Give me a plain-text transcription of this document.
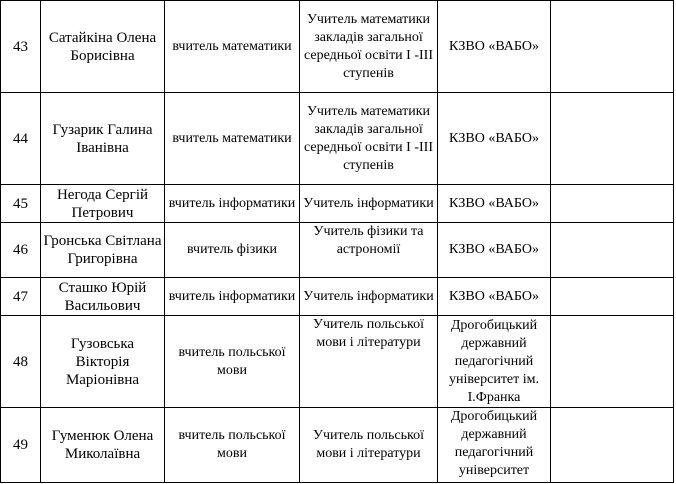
43	Сатайкіна Олена Борисівна	вчитель математики	Учитель математики закладів загальної середньої освіти І -ІІІ ступенів	КЗВО «ВАБО»	
44	Гузарик Галина Іванівна	вчитель математики	Учитель математики закладів загальної середньої освіти І -ІІІ ступенів	КЗВО «ВАБО»	
45	Негода Сергій Петрович	вчитель інформатики	Учитель інформатики	КЗВО «ВАБО»	
46	Гронська Світлана Григорівна	вчитель фізики	Учитель фізики та астрономії	КЗВО «ВАБО»	
47	Сташко Юрій Васильович	вчитель інформатики	Учитель інформатики	КЗВО «ВАБО»	
48	Гузовська Вікторія Маріонівна	вчитель польської мови	Учитель польської мови і літератури	Дрогобицький державний педагогічний університет ім. І.Франка	
49	Гуменюк Олена Миколаївна	вчитель польської мови	Учитель польської мови і літератури	Дрогобицький державний педагогічний університет	
